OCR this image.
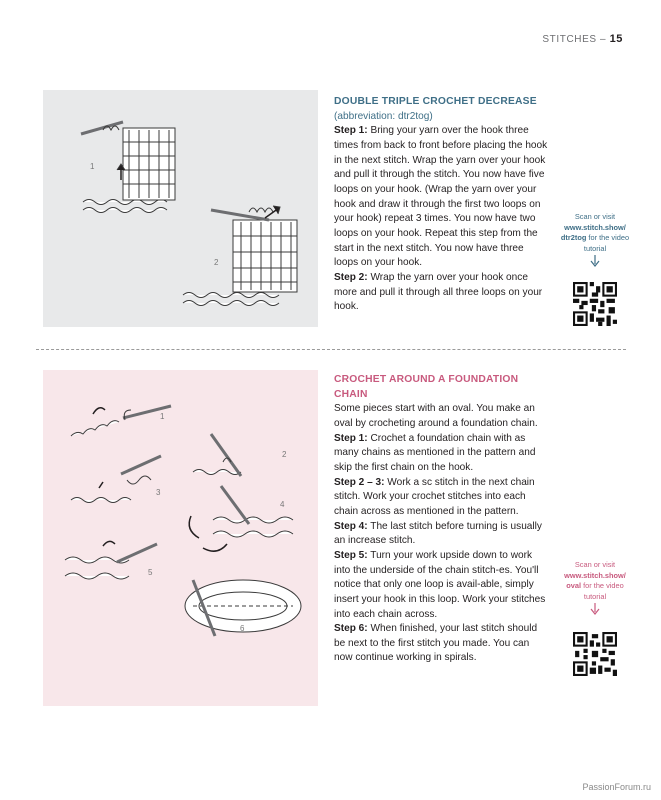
STITCHES – 15
1
2
DOUBLE TRIPLE CROCHET DECREASE
(abbreviation: dtr2tog)

Step 1: Bring your yarn over the hook three times from back to front before placing the hook in the next stitch. Wrap the yarn over your hook and pull it through the stitch. You now have five loops on your hook. (Wrap the yarn over your hook and draw it through the first two loops on your hook) repeat 3 times. You now have two loops on your hook. Repeat this step from the start in the next stitch. You now have three loops on your hook.

Step 2: Wrap the yarn over your hook once more and pull it through all three loops on your hook.

Scan or visit
www.stitch.show/
dtr2tog for the video tutorial
1
2
3
4
5
6
CROCHET AROUND A FOUNDATION CHAIN

Some pieces start with an oval. You make an oval by crocheting around a foundation chain.

Step 1: Crochet a foundation chain with as many chains as mentioned in the pattern and skip the first chain on the hook.

Step 2 – 3: Work a sc stitch in the next chain stitch. Work your crochet stitches into each chain across as mentioned in the pattern.

Step 4: The last stitch before turning is usually an increase stitch.

Step 5: Turn your work upside down to work into the underside of the chain stitch-es. You'll notice that only one loop is avail-able, simply insert your hook in this loop. Work your stitches into each chain across.

Step 6: When finished, your last stitch should be next to the first stitch you made. You can now continue working in spirals.

Scan or visit
www.stitch.show/
oval for the video tutorial
PassionForum.ru
